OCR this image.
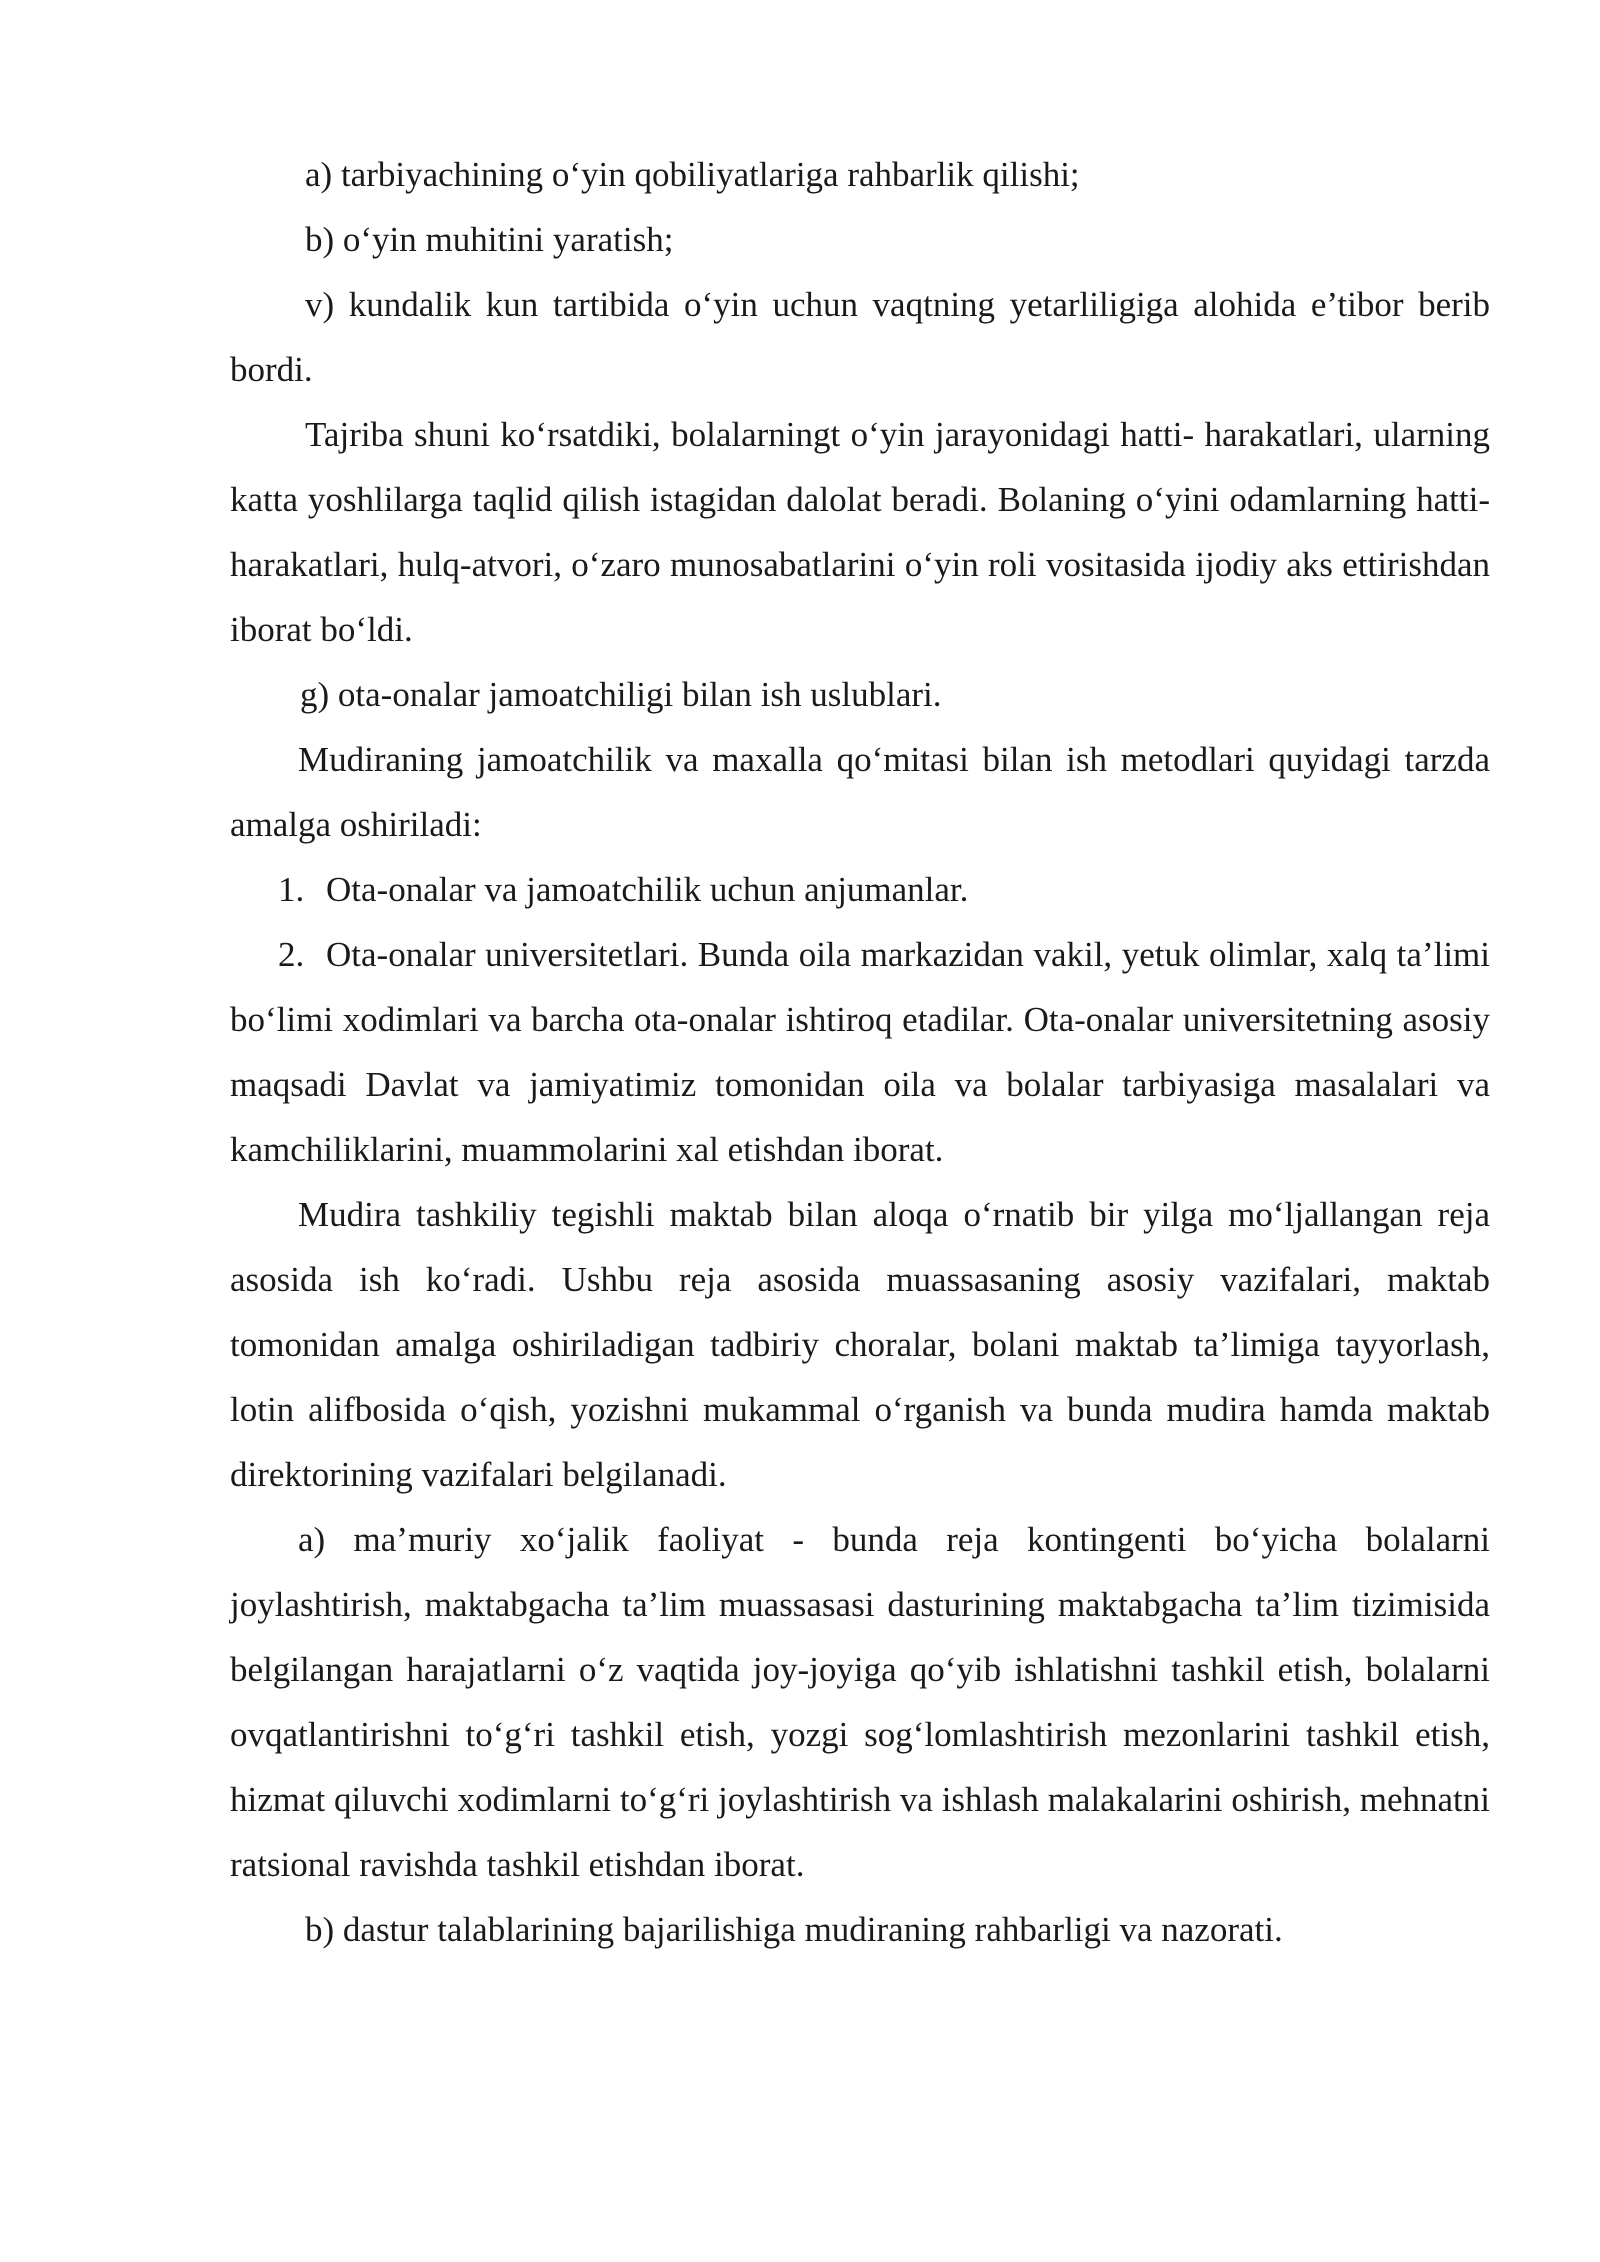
a) tarbiyachining o‘yin qobiliyatlariga rahbarlik qilishi;

b) o‘yin muhitini yaratish;

v) kundalik kun tartibida o‘yin uchun vaqtning yetarliligiga alohida e’tibor berib bordi.

Tajriba shuni ko‘rsatdiki, bolalarningt o‘yin jarayonidagi hatti- harakatlari, ularning katta yoshlilarga taqlid qilish istagidan dalolat beradi. Bolaning o‘yini odamlarning hatti-harakatlari, hulq-atvori, o‘zaro munosabatlarini o‘yin roli vositasida ijodiy aks ettirishdan iborat bo‘ldi.

g) ota-onalar jamoatchiligi bilan ish uslublari.

Mudiraning jamoatchilik va maxalla qo‘mitasi bilan ish metodlari quyidagi tarzda amalga oshiriladi:

1. Ota-onalar va jamoatchilik uchun anjumanlar.

2. Ota-onalar universitetlari. Bunda oila markazidan vakil, yetuk olimlar, xalq ta’limi bo‘limi xodimlari va barcha ota-onalar ishtiroq etadilar. Ota-onalar universitetning asosiy maqsadi Davlat va jamiyatimiz tomonidan oila va bolalar tarbiyasiga masalalari va kamchiliklarini, muammolarini xal etishdan iborat.

Mudira tashkiliy tegishli maktab bilan aloqa o‘rnatib bir yilga mo‘ljallangan reja asosida ish ko‘radi. Ushbu reja asosida muassasaning asosiy vazifalari, maktab tomonidan amalga oshiriladigan tadbiriy choralar, bolani maktab ta’limiga tayyorlash, lotin alifbosida o‘qish, yozishni mukammal o‘rganish va bunda mudira hamda maktab direktorining vazifalari belgilanadi.

a) ma’muriy xo‘jalik faoliyat - bunda reja kontingenti bo‘yicha bolalarni joylashtirish, maktabgacha ta’lim muassasasi dasturining maktabgacha ta’lim tizimisida belgilangan harajatlarni o‘z vaqtida joy-joyiga qo‘yib ishlatishni tashkil etish, bolalarni ovqatlantirishni to‘g‘ri tashkil etish, yozgi sog‘lomlashtirish mezonlarini tashkil etish, hizmat qiluvchi xodimlarni to‘g‘ri joylashtirish va ishlash malakalarini oshirish, mehnatni ratsional ravishda tashkil etishdan iborat.

b) dastur talablarining bajarilishiga mudiraning rahbarligi va nazorati.
